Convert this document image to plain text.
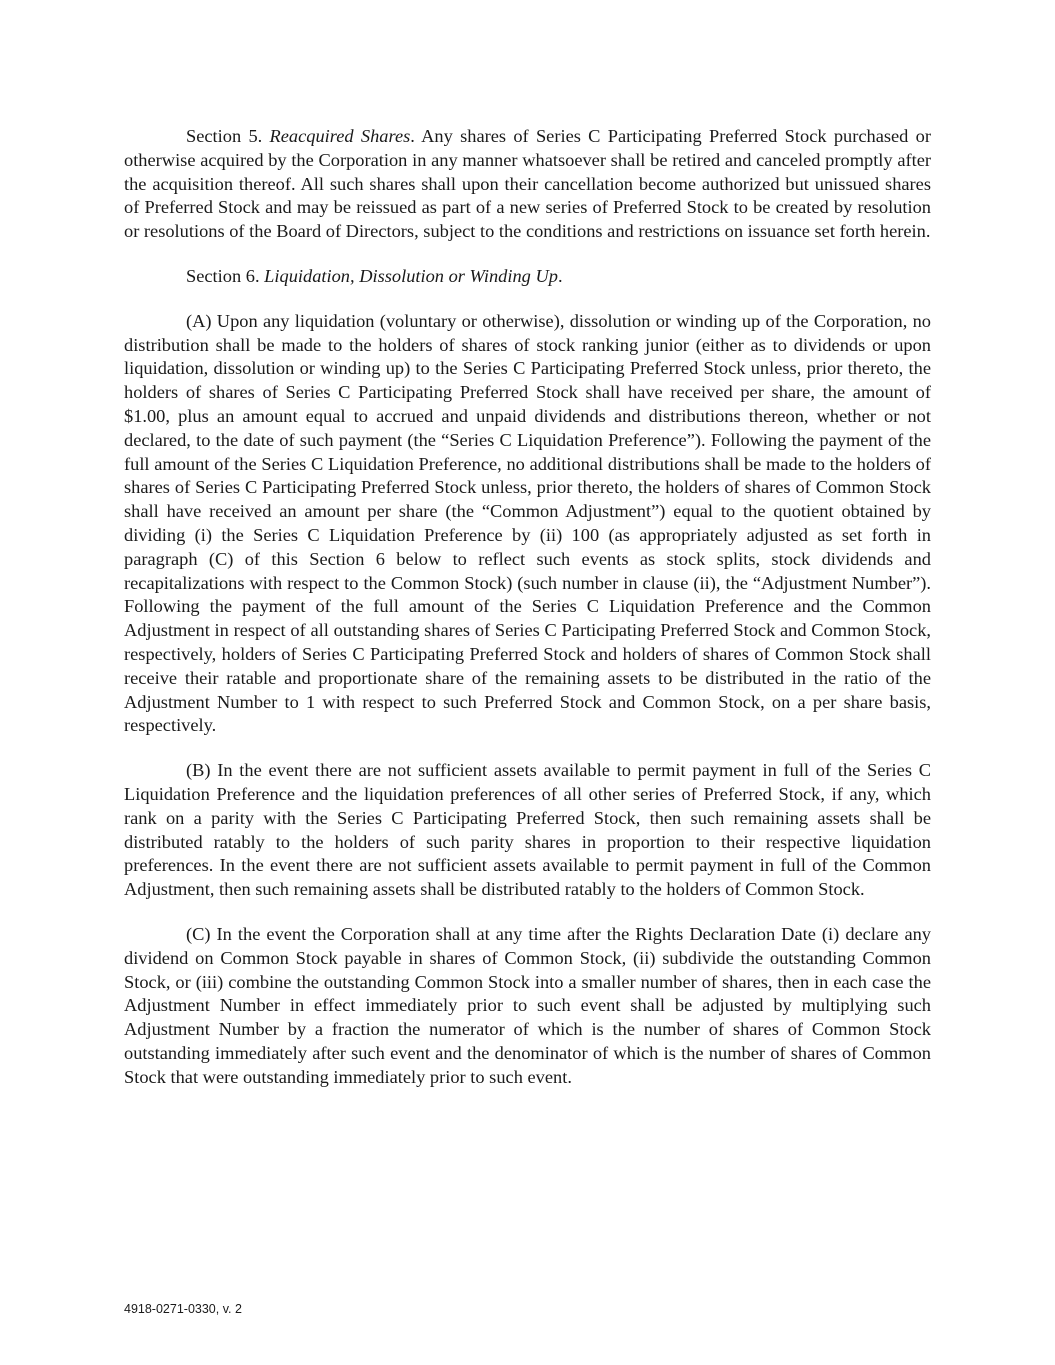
Section 5. Reacquired Shares. Any shares of Series C Participating Preferred Stock purchased or otherwise acquired by the Corporation in any manner whatsoever shall be retired and canceled promptly after the acquisition thereof. All such shares shall upon their cancellation become authorized but unissued shares of Preferred Stock and may be reissued as part of a new series of Preferred Stock to be created by resolution or resolutions of the Board of Directors, subject to the conditions and restrictions on issuance set forth herein.

Section 6. Liquidation, Dissolution or Winding Up.

(A) Upon any liquidation (voluntary or otherwise), dissolution or winding up of the Corporation, no distribution shall be made to the holders of shares of stock ranking junior (either as to dividends or upon liquidation, dissolution or winding up) to the Series C Participating Preferred Stock unless, prior thereto, the holders of shares of Series C Participating Preferred Stock shall have received per share, the amount of $1.00, plus an amount equal to accrued and unpaid dividends and distributions thereon, whether or not declared, to the date of such payment (the “Series C Liquidation Preference”). Following the payment of the full amount of the Series C Liquidation Preference, no additional distributions shall be made to the holders of shares of Series C Participating Preferred Stock unless, prior thereto, the holders of shares of Common Stock shall have received an amount per share (the “Common Adjustment”) equal to the quotient obtained by dividing (i) the Series C Liquidation Preference by (ii) 100 (as appropriately adjusted as set forth in paragraph (C) of this Section 6 below to reflect such events as stock splits, stock dividends and recapitalizations with respect to the Common Stock) (such number in clause (ii), the “Adjustment Number”). Following the payment of the full amount of the Series C Liquidation Preference and the Common Adjustment in respect of all outstanding shares of Series C Participating Preferred Stock and Common Stock, respectively, holders of Series C Participating Preferred Stock and holders of shares of Common Stock shall receive their ratable and proportionate share of the remaining assets to be distributed in the ratio of the Adjustment Number to 1 with respect to such Preferred Stock and Common Stock, on a per share basis, respectively.

(B) In the event there are not sufficient assets available to permit payment in full of the Series C Liquidation Preference and the liquidation preferences of all other series of Preferred Stock, if any, which rank on a parity with the Series C Participating Preferred Stock, then such remaining assets shall be distributed ratably to the holders of such parity shares in proportion to their respective liquidation preferences. In the event there are not sufficient assets available to permit payment in full of the Common Adjustment, then such remaining assets shall be distributed ratably to the holders of Common Stock.

(C) In the event the Corporation shall at any time after the Rights Declaration Date (i) declare any dividend on Common Stock payable in shares of Common Stock, (ii) subdivide the outstanding Common Stock, or (iii) combine the outstanding Common Stock into a smaller number of shares, then in each case the Adjustment Number in effect immediately prior to such event shall be adjusted by multiplying such Adjustment Number by a fraction the numerator of which is the number of shares of Common Stock outstanding immediately after such event and the denominator of which is the number of shares of Common Stock that were outstanding immediately prior to such event.

4918-0271-0330, v. 2
